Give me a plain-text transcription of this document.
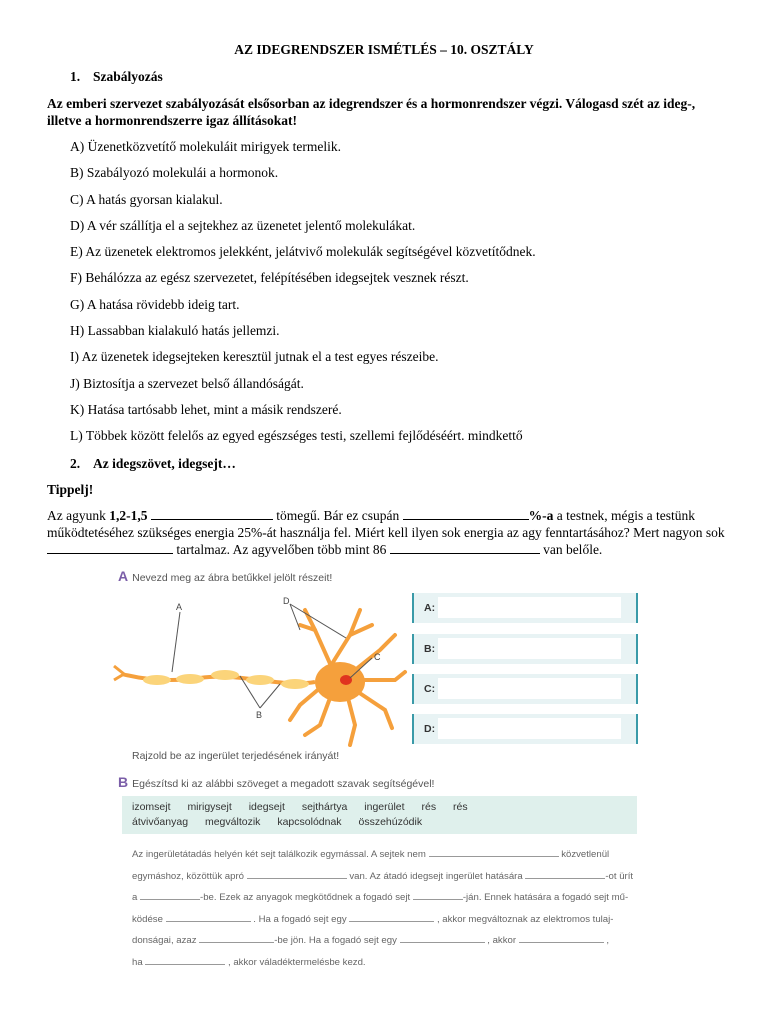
AZ IDEGRENDSZER ISMÉTLÉS – 10. OSZTÁLY
1. Szabályozás
Az emberi szervezet szabályozását elsősorban az idegrendszer és a hormonrendszer végzi. Válogasd szét az ideg-, illetve a hormonrendszerre igaz állításokat!
A) Üzenetközvetítő molekuláit mirigyek termelik.
B) Szabályozó molekulái a hormonok.
C) A hatás gyorsan kialakul.
D) A vér szállítja el a sejtekhez az üzenetet jelentő molekulákat.
E) Az üzenetek elektromos jelekként, jelátvivő molekulák segítségével közvetítődnek.
F) Behálózza az egész szervezetet, felépítésében idegsejtek vesznek részt.
G) A hatása rövidebb ideig tart.
H) Lassabban kialakuló hatás jellemzi.
I) Az üzenetek idegsejteken keresztül jutnak el a test egyes részeibe.
J) Biztosítja a szervezet belső állandóságát.
K) Hatása tartósabb lehet, mint a másik rendszeré.
L) Többek között felelős az egyed egészséges testi, szellemi fejlődéséért. mindkettő
2. Az idegszövet, idegsejt…
Tippelj!
Az agyunk 1,2-1,5	tömegű. Bár ez csupán	%-a a testnek, mégis a testünk működtetéséhez szükséges energia 25%-át használja fel. Miért kell ilyen sok energia az agy fenntartásához? Mert nagyon sok  tartalmaz. Az agyvelőben több mint 86	van belőle.
A Nevezd meg az ábra betűkkel jelölt részeit!
A
B
C
D
A:
B:
C:
D:
Rajzold be az ingerület terjedésének irányát!
B Egészítsd ki az alábbi szöveget a megadott szavak segítségével!
izomsejt mirigysejt idegsejt sejthártya ingerület rés rés
átvivőanyag megváltozik kapcsolódnak összehúzódik
Az ingerületátadás helyén két sejt találkozik egymással. A sejtek nem	közvetlenül
egymáshoz, közöttük apró	van. Az átadó idegsejt ingerület hatására	-ot ürít
a	-be. Ezek az anyagok megkötődnek a fogadó sejt	-ján. Ennek hatására a fogadó sejt mű-
ködése	. Ha a fogadó sejt egy	, akkor megváltoznak az elektromos tulaj-
donságai, azaz	-be jön. Ha a fogadó sejt egy	, akkor	,
ha	, akkor váladéktermelésbe kezd.
